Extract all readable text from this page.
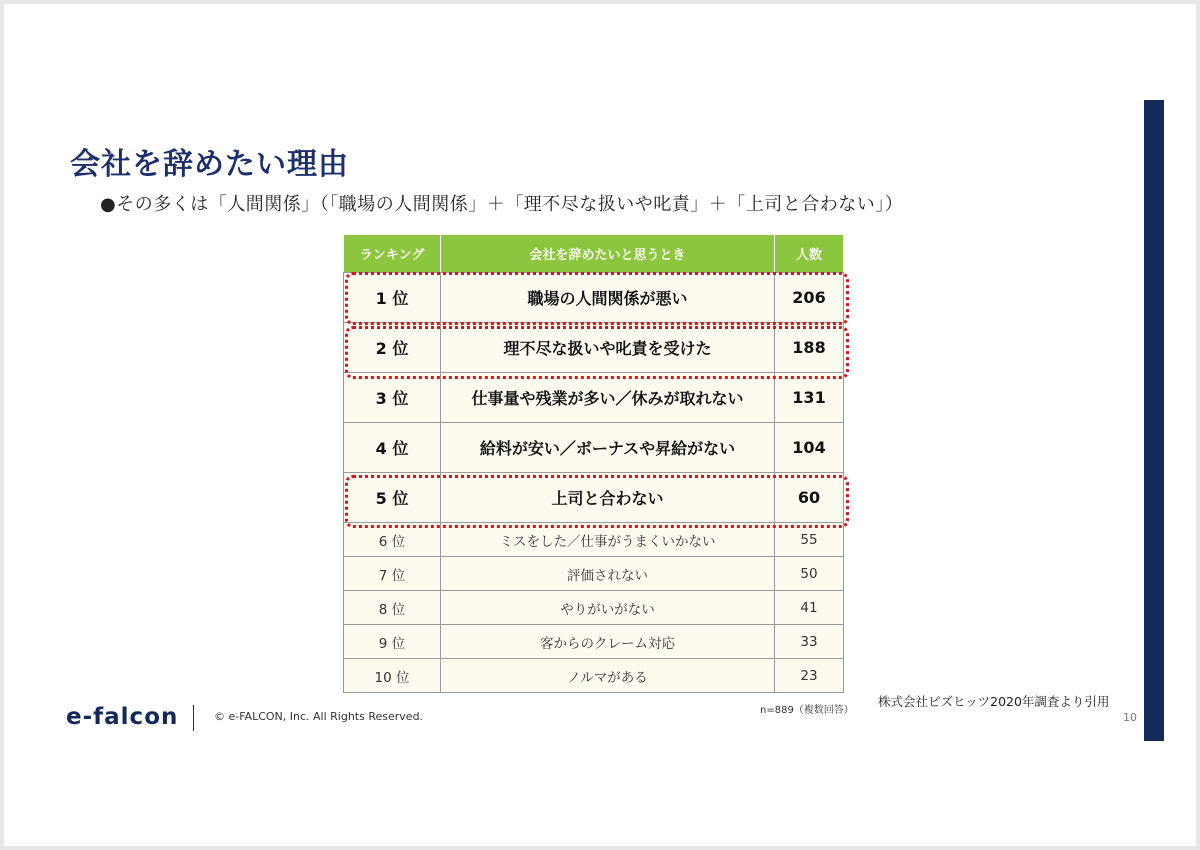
会社を辞めたい理由
●その多くは「人間関係」（「職場の人間関係」＋「理不尽な扱いや叱責」＋「上司と合わない」）
ランキング	会社を辞めたいと思うとき	人数
1 位	職場の人間関係が悪い	206
2 位	理不尽な扱いや叱責を受けた	188
3 位	仕事量や残業が多い／休みが取れない	131
4 位	給料が安い／ボーナスや昇給がない	104
5 位	上司と合わない	60
6 位	ミスをした／仕事がうまくいかない	55
7 位	評価されない	50
8 位	やりがいがない	41
9 位	客からのクレーム対応	33
10 位	ノルマがある	23
n=889（複数回答）
株式会社ビズヒッツ2020年調査より引用
e-falcon	© e-FALCON, Inc. All Rights Reserved.	10
